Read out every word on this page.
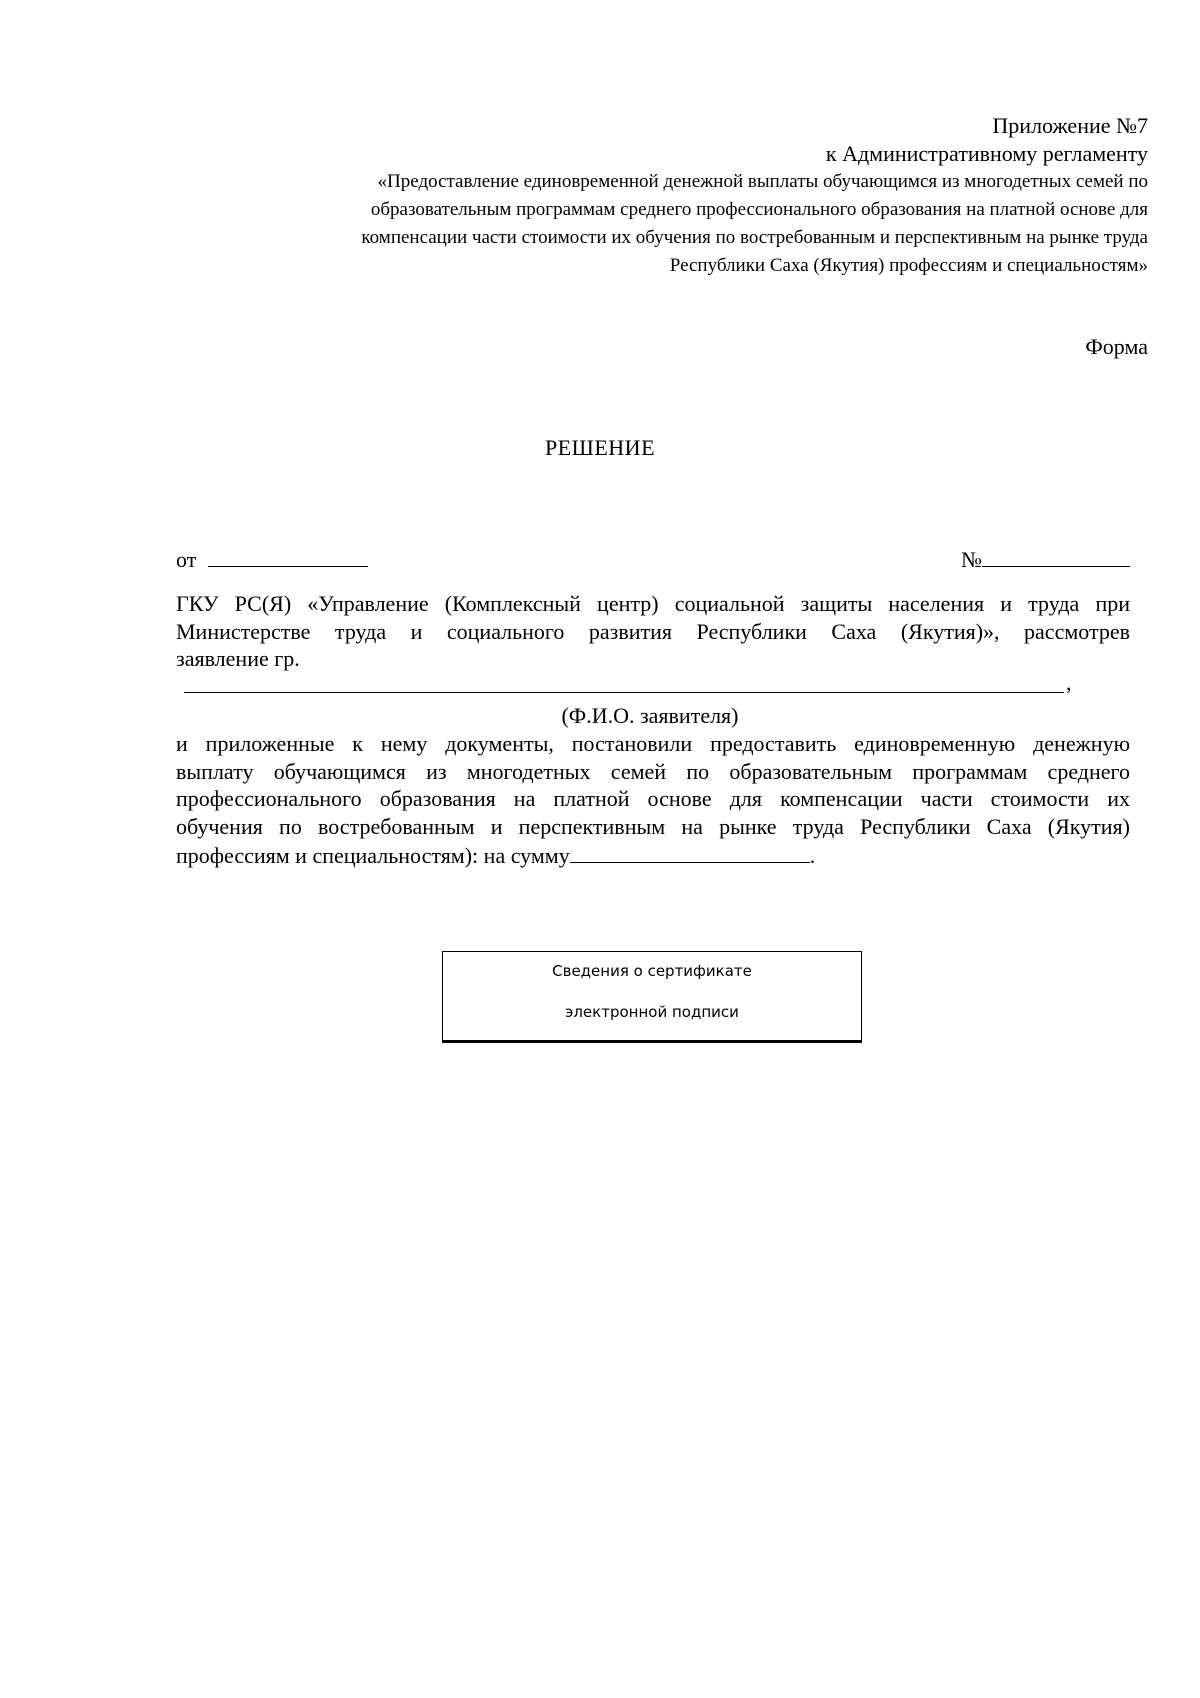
Приложение №7
к Административному регламенту
«Предоставление единовременной денежной выплаты обучающимся из многодетных семей по
образовательным программам среднего профессионального образования на платной основе для
компенсации части стоимости их обучения по востребованным и перспективным на рынке труда
Республики Саха (Якутия) профессиям и специальностям»
Форма
РЕШЕНИЕ
от	№
ГКУ РС(Я) «Управление (Комплексный центр) социальной защиты населения и труда при
Министерстве труда и социального развития Республики Саха (Якутия)», рассмотрев
заявление гр.
,
(Ф.И.О. заявителя)
и приложенные к нему документы, постановили предоставить единовременную денежную
выплату обучающимся из многодетных семей по образовательным программам среднего
профессионального образования на платной основе для компенсации части стоимости их
обучения по востребованным и перспективным на рынке труда Республики Саха (Якутия)
профессиям и специальностям): на сумму	.
Сведения о сертификате
электронной подписи
